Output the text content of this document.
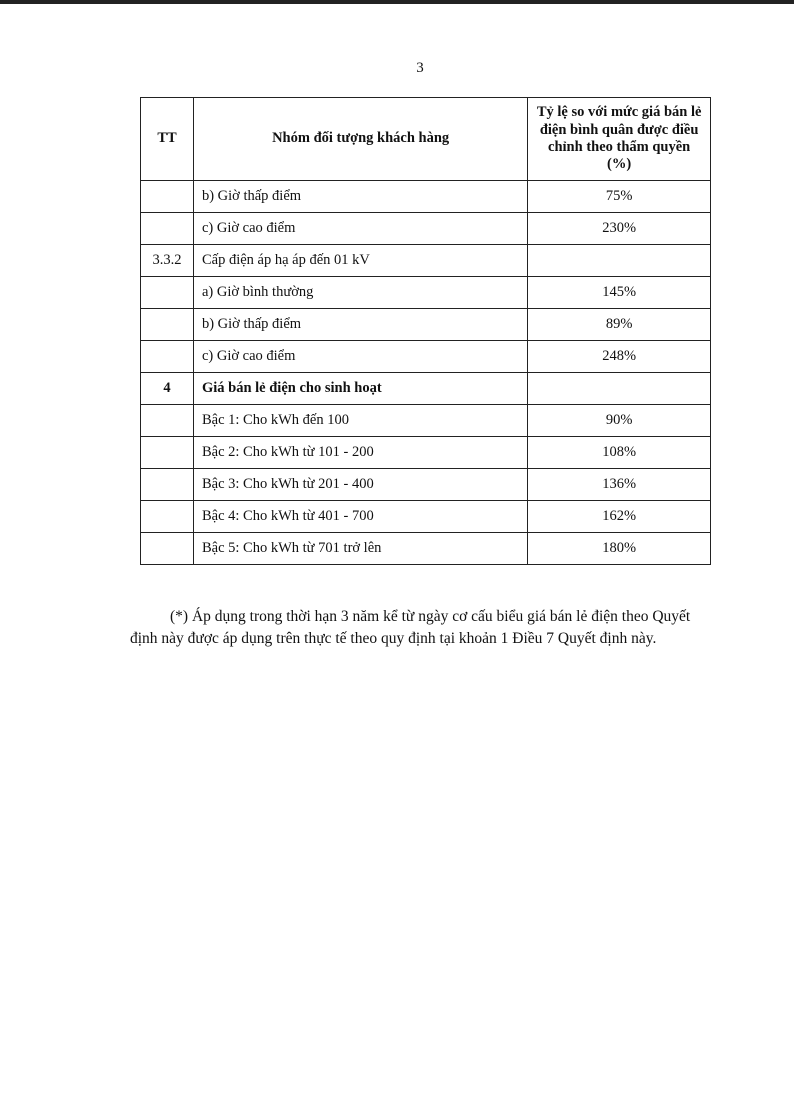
3
TT	Nhóm đối tượng khách hàng	Tỷ lệ so với mức giá bán lẻ điện bình quân được điều chỉnh theo thẩm quyền (%)
	b) Giờ thấp điểm	75%
	c) Giờ cao điểm	230%
3.3.2	Cấp điện áp hạ áp đến 01 kV	
	a) Giờ bình thường	145%
	b) Giờ thấp điểm	89%
	c) Giờ cao điểm	248%
4	Giá bán lẻ điện cho sinh hoạt	
	Bậc 1: Cho kWh đến 100	90%
	Bậc 2: Cho kWh từ 101 - 200	108%
	Bậc 3: Cho kWh từ 201 - 400	136%
	Bậc 4: Cho kWh từ 401 - 700	162%
	Bậc 5: Cho kWh từ 701 trở lên	180%

(*) Áp dụng trong thời hạn 3 năm kể từ ngày cơ cấu biểu giá bán lẻ điện theo Quyết định này được áp dụng trên thực tế theo quy định tại khoản 1 Điều 7 Quyết định này.
